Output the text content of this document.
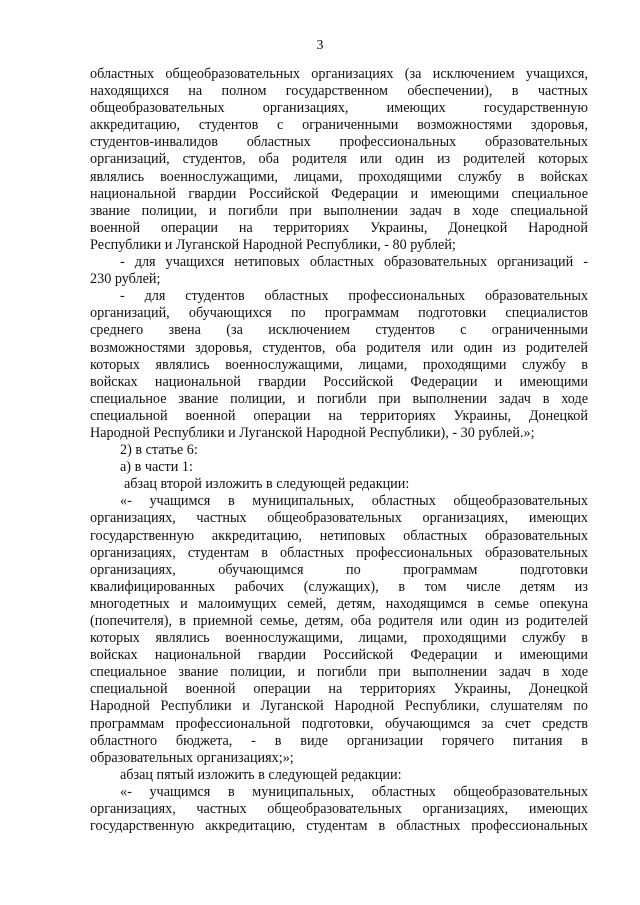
3
областных общеобразовательных организациях (за исключением учащихся,
находящихся на полном государственном обеспечении), в частных
общеобразовательных организациях, имеющих государственную
аккредитацию, студентов с ограниченными возможностями здоровья,
студентов-инвалидов областных профессиональных образовательных
организаций, студентов, оба родителя или один из родителей которых
являлись военнослужащими, лицами, проходящими службу в войсках
национальной гвардии Российской Федерации и имеющими специальное
звание полиции, и погибли при выполнении задач в ходе специальной
военной операции на территориях Украины, Донецкой Народной
Республики и Луганской Народной Республики, - 80 рублей;
- для учащихся нетиповых областных образовательных организаций -
230 рублей;
- для студентов областных профессиональных образовательных
организаций, обучающихся по программам подготовки специалистов
среднего звена (за исключением студентов с ограниченными
возможностями здоровья, студентов, оба родителя или один из родителей
которых являлись военнослужащими, лицами, проходящими службу в
войсках национальной гвардии Российской Федерации и имеющими
специальное звание полиции, и погибли при выполнении задач в ходе
специальной военной операции на территориях Украины, Донецкой
Народной Республики и Луганской Народной Республики), - 30 рублей.»;
2) в статье 6:
а) в части 1:
абзац второй изложить в следующей редакции:
«- учащимся в муниципальных, областных общеобразовательных
организациях, частных общеобразовательных организациях, имеющих
государственную аккредитацию, нетиповых областных образовательных
организациях, студентам в областных профессиональных образовательных
организациях, обучающимся по программам подготовки
квалифицированных рабочих (служащих), в том числе детям из
многодетных и малоимущих семей, детям, находящимся в семье опекуна
(попечителя), в приемной семье, детям, оба родителя или один из родителей
которых являлись военнослужащими, лицами, проходящими службу в
войсках национальной гвардии Российской Федерации и имеющими
специальное звание полиции, и погибли при выполнении задач в ходе
специальной военной операции на территориях Украины, Донецкой
Народной Республики и Луганской Народной Республики, слушателям по
программам профессиональной подготовки, обучающимся за счет средств
областного бюджета, - в виде организации горячего питания в
образовательных организациях;»;
абзац пятый изложить в следующей редакции:
«- учащимся в муниципальных, областных общеобразовательных
организациях, частных общеобразовательных организациях, имеющих
государственную аккредитацию, студентам в областных профессиональных
